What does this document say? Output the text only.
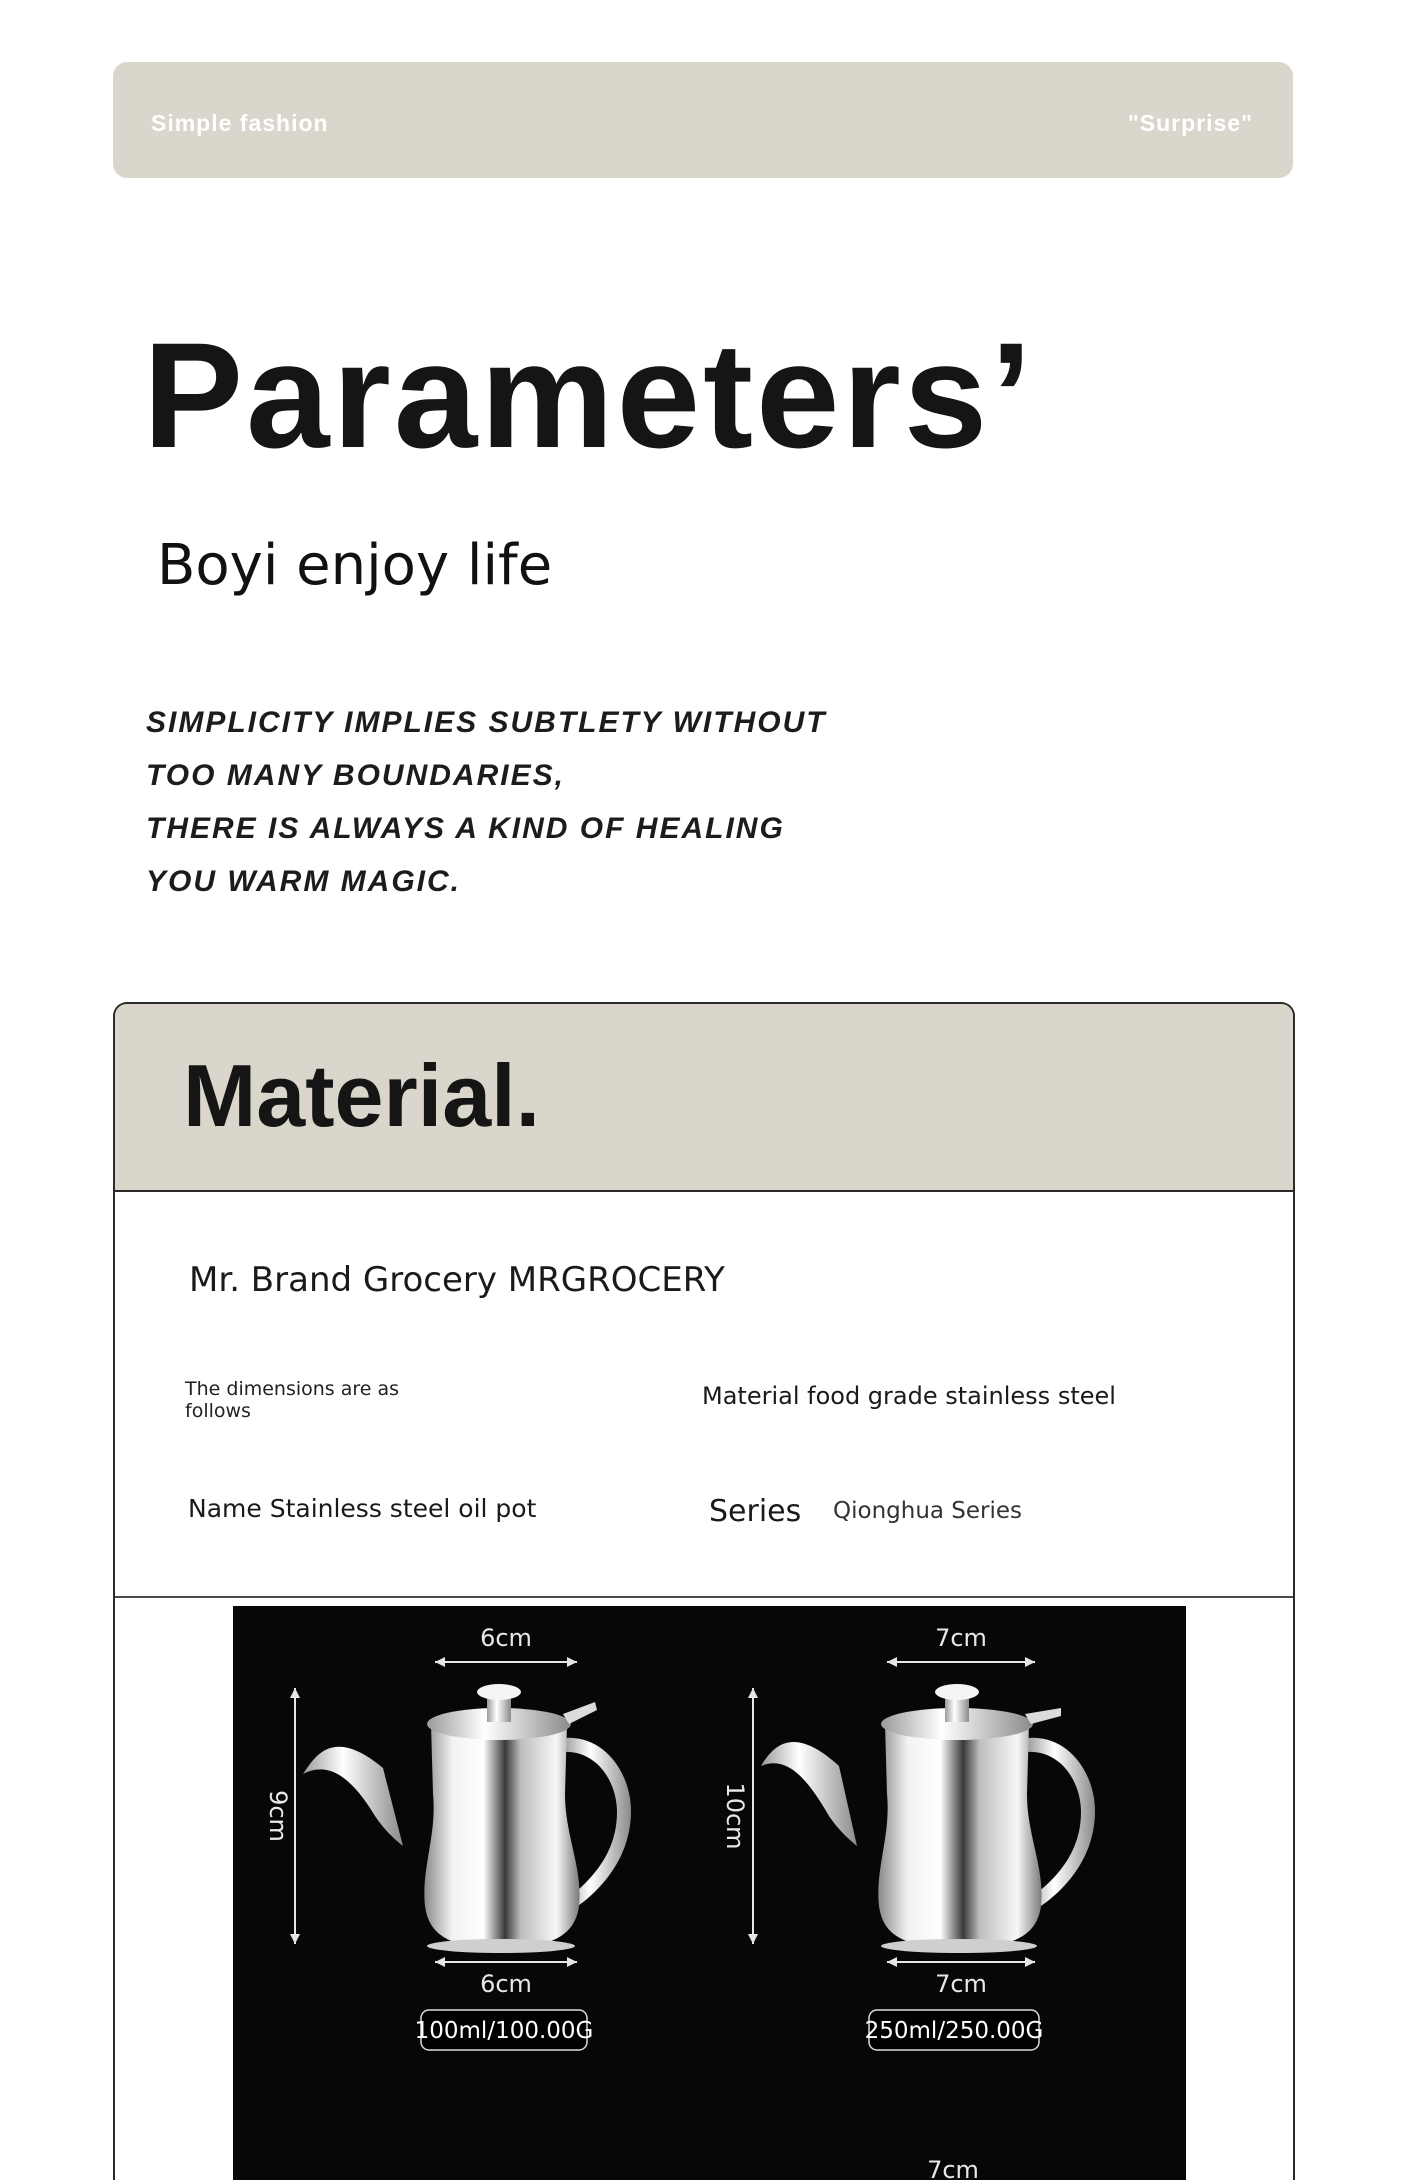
Simple fashion	"Surprise"
Parameters’
Boyi enjoy life
SIMPLICITY IMPLIES SUBTLETY WITHOUT
TOO MANY BOUNDARIES,
THERE IS ALWAYS A KIND OF HEALING
YOU WARM MAGIC.
Material.
Mr. Brand Grocery MRGROCERY
The dimensions are as follows
Material food grade stainless steel
Name Stainless steel oil pot	Series Qionghua Series
6cm
9cm
6cm
100ml/100.00G
7cm
10cm
7cm
250ml/250.00G
7cm
